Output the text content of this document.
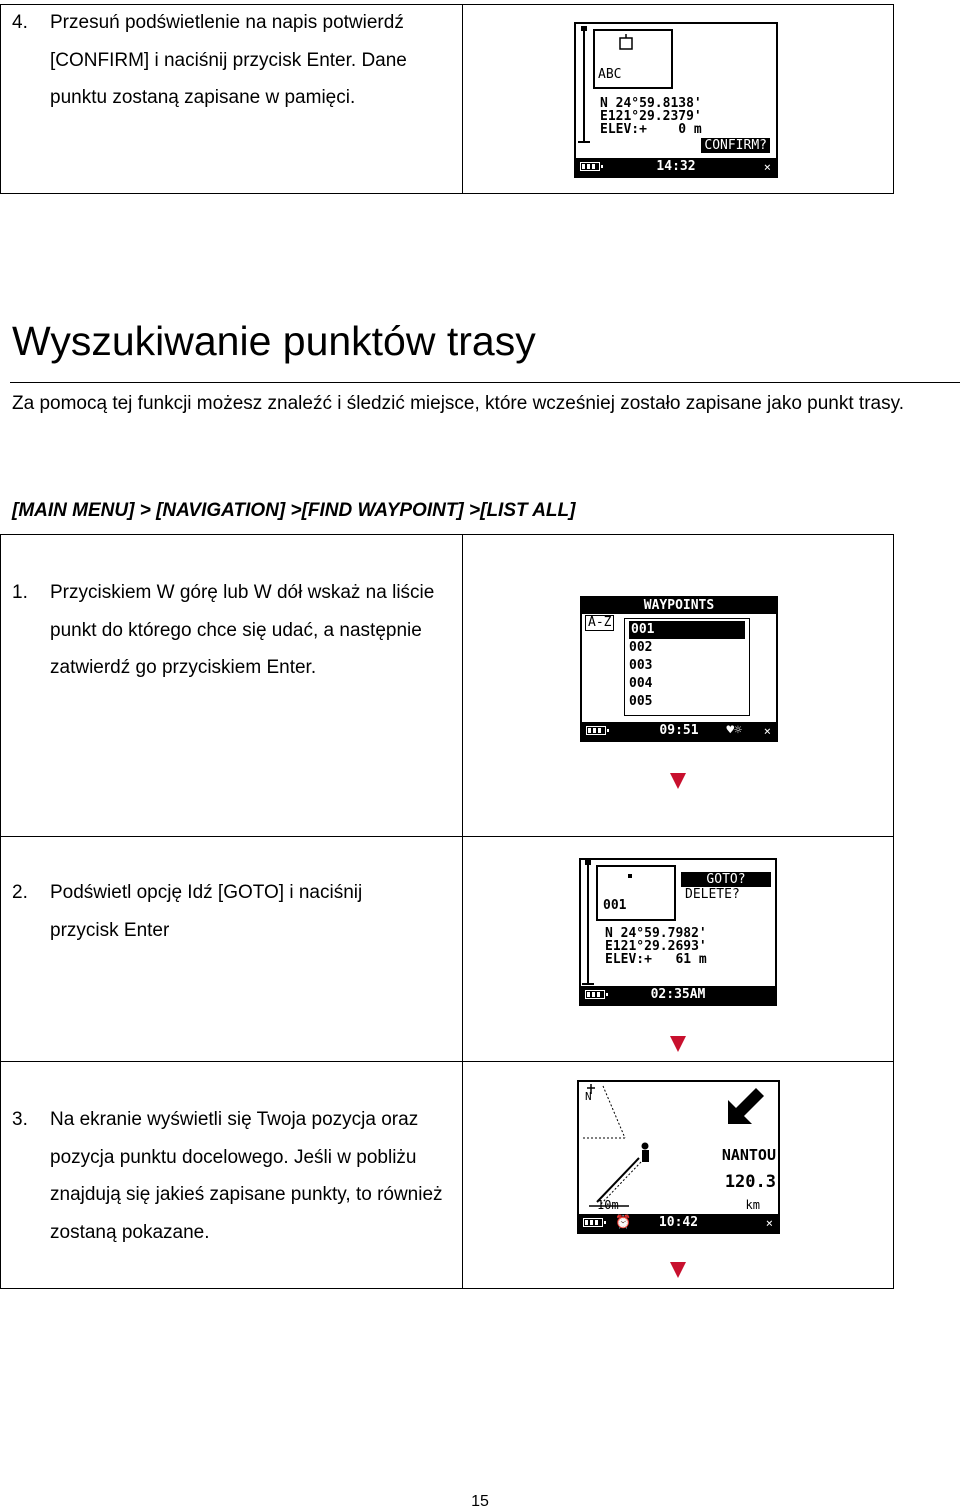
4. Przesuń podświetlenie na napis potwierdź [CONFIRM] i naciśnij przycisk Enter. Dane punktu zostaną zapisane w pamięci.
ABC
N 24°59.8138'
E121°29.2379'
ELEV:+    0 m
CONFIRM?
14:32	⨯
Wyszukiwanie punktów trasy
Za pomocą tej funkcji możesz znaleźć i śledzić miejsce, które wcześniej zostało zapisane jako punkt trasy.
[MAIN MENU] > [NAVIGATION] >[FIND WAYPOINT] >[LIST ALL]
1. Przyciskiem W górę lub W dół wskaż na liście punkt do którego chce się udać, a następnie zatwierdź go przyciskiem Enter.
WAYPOINTS
A-Z 001
002
003
004
005
09:51	♥☼ ⨯
2. Podświetl opcję Idź [GOTO] i naciśnij przycisk Enter
001
GOTO?
DELETE?
N 24°59.7982'
E121°29.2693'
ELEV:+   61 m
02:35AM
3. Na ekranie wyświetli się Twoja pozycja oraz pozycja punktu docelowego. Jeśli w pobliżu znajdują się jakieś zapisane punkty, to również zostaną pokazane.
N
10m
NANTOU
120.3
km
⏰	10:42	⨯
15
